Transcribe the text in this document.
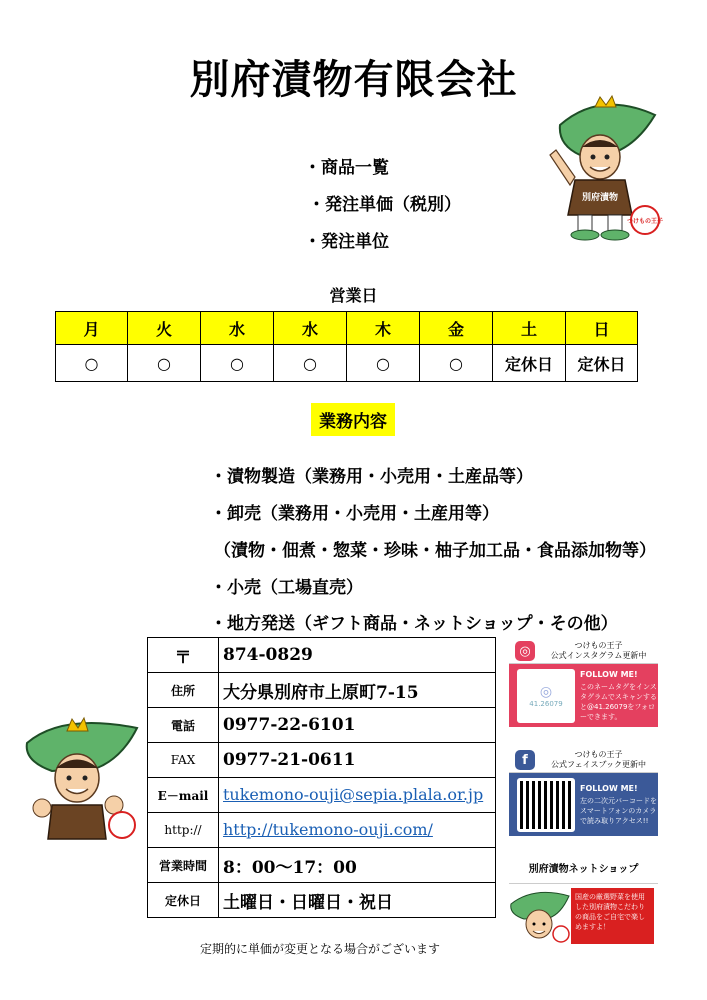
別府漬物有限会社
別府漬物
つけもの王子
・商品一覧
・発注単価（税別）
・発注単位
営業日
月	火	水	水	木	金	土	日
○	○	○	○	○	○	定休日	定休日
業務内容
・漬物製造（業務用・小売用・土産品等）
・卸売（業務用・小売用・土産用等）
（漬物・佃煮・惣菜・珍味・柚子加工品・食品添加物等）
・小売（工場直売）
・地方発送（ギフト商品・ネットショップ・その他）
〒	874-0829
住所	大分県別府市上原町7-15
電話	0977-22-6101
FAX	0977-21-0611
E－mail	tukemono-ouji@sepia.plala.or.jp
http://	http://tukemono-ouji.com/
営業時間	8：00～17：00
定休日	土曜日・日曜日・祝日
定期的に単価が変更となる場合がございます
◎	つけもの王子
公式インスタグラム更新中
◎
41.26079
FOLLOW ME!
このネームタグをインスタグラムでスキャンすると@41.26079をフォローできます。
f	つけもの王子
公式フェイスブック更新中
FOLLOW ME!
左の二次元バーコードをスマートフォンのカメラで読み取りアクセス!!
別府漬物ネットショップ
国産の厳選野菜を使用した別府漬物こだわりの商品をご自宅で楽しめますよ！
